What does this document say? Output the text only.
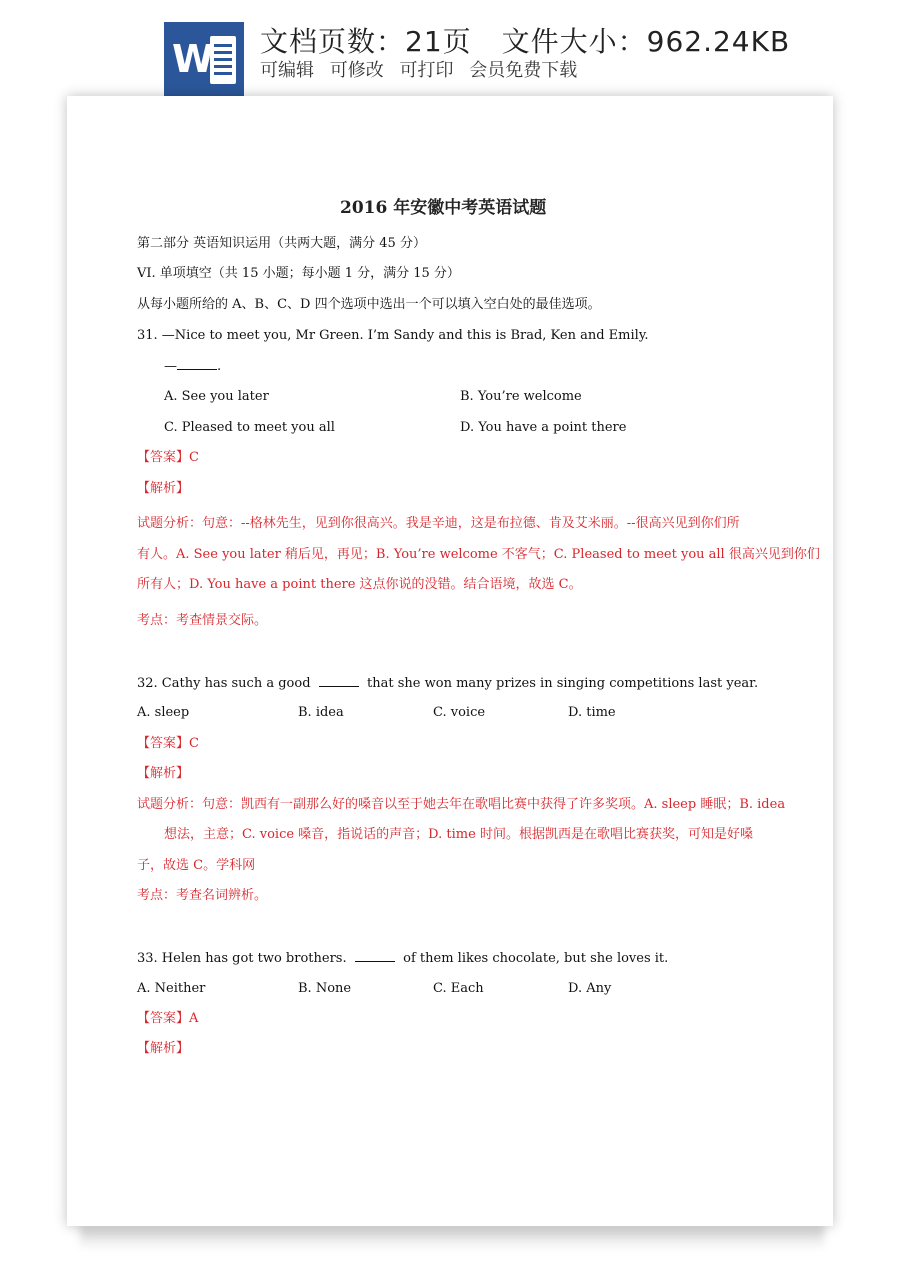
W 文档页数：21页 文件大小：962.24KB
可编辑 可修改 可打印 会员免费下载
2016 年安徽中考英语试题
第二部分 英语知识运用（共两大题，满分 45 分）
VI. 单项填空（共 15 小题；每小题 1 分，满分 15 分）
从每小题所给的 A、B、C、D 四个选项中选出一个可以填入空白处的最佳选项。
31. —Nice to meet you, Mr Green. I’m Sandy and this is Brad, Ken and Emily.
—	.
A. See you later	B. You’re welcome
C. Pleased to meet you all	D. You have a point there
【答案】C
【解析】
试题分析：句意：--格林先生，见到你很高兴。我是辛迪，这是布拉德、肯及艾米丽。--很高兴见到你们所
有人。A. See you later 稍后见，再见；B. You’re welcome 不客气；C. Pleased to meet you all 很高兴见到你们
所有人；D. You have a point there 这点你说的没错。结合语境，故选 C。
考点：考查情景交际。
32. Cathy has such a good	that she won many prizes in singing competitions last year.
A. sleep	B. idea	C. voice	D. time
【答案】C
【解析】
试题分析：句意：凯西有一副那么好的嗓音以至于她去年在歌唱比赛中获得了许多奖项。A. sleep 睡眠；B. idea
想法，主意；C. voice 嗓音，指说话的声音；D. time 时间。根据凯西是在歌唱比赛获奖，可知是好嗓
子，故选 C。学科网
考点：考查名词辨析。
33. Helen has got two brothers.	of them likes chocolate, but she loves it.
A. Neither	B. None	C. Each	D. Any
【答案】A
【解析】
